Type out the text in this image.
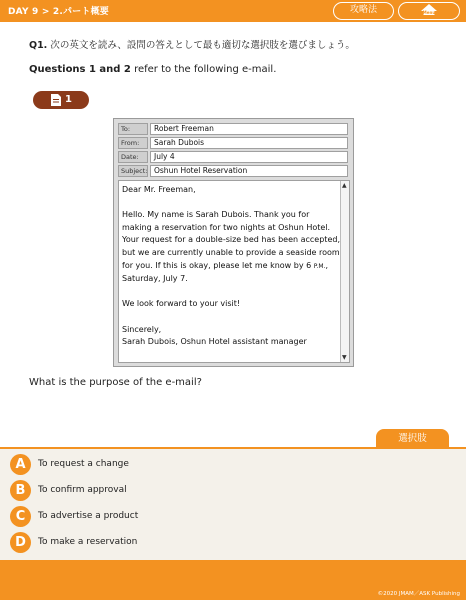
DAY 9 > 2.パート概要	攻略法	Menu
Q1. 次の英文を読み、設問の答えとして最も適切な選択肢を選びましょう。
Questions 1 and 2 refer to the following e-mail.
1
To:	Robert Freeman
From:	Sarah Dubois
Date:	July 4
Subject: Oshun Hotel Reservation

Dear Mr. Freeman,

Hello. My name is Sarah Dubois. Thank you for making a reservation for two nights at Oshun Hotel. Your request for a double-size bed has been accepted, but we are currently unable to provide a seaside room for you. If this is okay, please let me know by 6 P.M., Saturday, July 7.

We look forward to your visit!

Sincerely,
Sarah Dubois, Oshun Hotel assistant manager
▲
▼
What is the purpose of the e-mail?
選択肢
A	To request a change
B	To confirm approval
C	To advertise a product
D	To make a reservation
©2020 JMAM／ASK Publishing
